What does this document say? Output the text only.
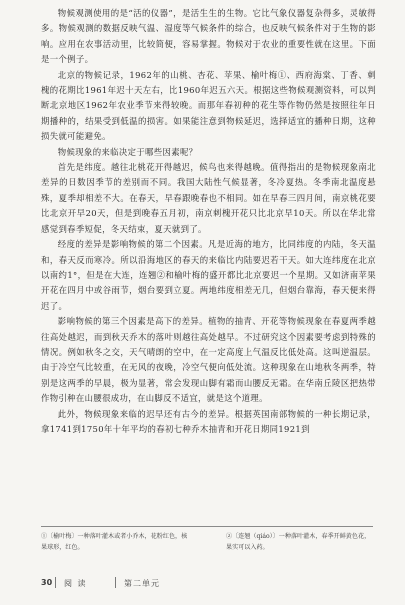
物候观测使用的是“活的仪器”，是活生生的生物。它比气象仪器复杂得多，灵敏得多。物候观测的数据反映气温、湿度等气候条件的综合，也反映气候条件对于生物的影响。应用在农事活动里，比较简便，容易掌握。物候对于农业的重要性就在这里。下面是一个例子。

北京的物候记录，1962年的山桃、杏花、苹果、榆叶梅①、西府海棠、丁香、刺槐的花期比1961年迟十天左右，比1960年迟五六天。根据这些物候观测资料，可以判断北京地区1962年农业季节来得较晚。而那年春初种的花生等作物仍然是按照往年日期播种的，结果受到低温的损害。如果能注意到物候延迟，选择适宜的播种日期，这种损失就可能避免。

物候现象的来临决定于哪些因素呢？

首先是纬度。越往北桃花开得越迟，候鸟也来得越晚。值得指出的是物候现象南北差异的日数因季节的差别而不同。我国大陆性气候显著，冬冷夏热。冬季南北温度悬殊，夏季却相差不大。在春天，早春跟晚春也不相同。如在早春三四月间，南京桃花要比北京开早20天，但是到晚春五月初，南京刺槐开花只比北京早10天。所以在华北常感觉到春季短促，冬天结束，夏天就到了。

经度的差异是影响物候的第二个因素。凡是近海的地方，比同纬度的内陆，冬天温和，春天反而寒冷。所以沿海地区的春天的来临比内陆要迟若干天。如大连纬度在北京以南约1°，但是在大连，连翘②和榆叶梅的盛开都比北京要迟一个星期。又如济南苹果开花在四月中或谷雨节，烟台要到立夏。两地纬度相差无几，但烟台靠海，春天便来得迟了。

影响物候的第三个因素是高下的差异。植物的抽青、开花等物候现象在春夏两季越往高处越迟，而到秋天乔木的落叶则越往高处越早。不过研究这个因素要考虑到特殊的情况。例如秋冬之交，天气晴朗的空中，在一定高度上气温反比低处高。这叫逆温层。由于冷空气比较重，在无风的夜晚，冷空气便向低处流。这种现象在山地秋冬两季，特别是这两季的早晨，极为显著，常会发现山脚有霜而山腰反无霜。在华南丘陵区把热带作物引种在山腰很成功，在山脚反不适宜，就是这个道理。

此外，物候现象来临的迟早还有古今的差异。根据英国南部物候的一种长期记录，拿1741到1750年十年平均的春初七种乔木抽青和开花日期同1921到

①〔榆叶梅〕一种落叶灌木或者小乔木，花粉红色，核果球形，红色。
②〔连翘（qiáo）〕一种落叶灌木，春季开鲜黄色花，果实可以入药。
30 阅 读	第二单元
